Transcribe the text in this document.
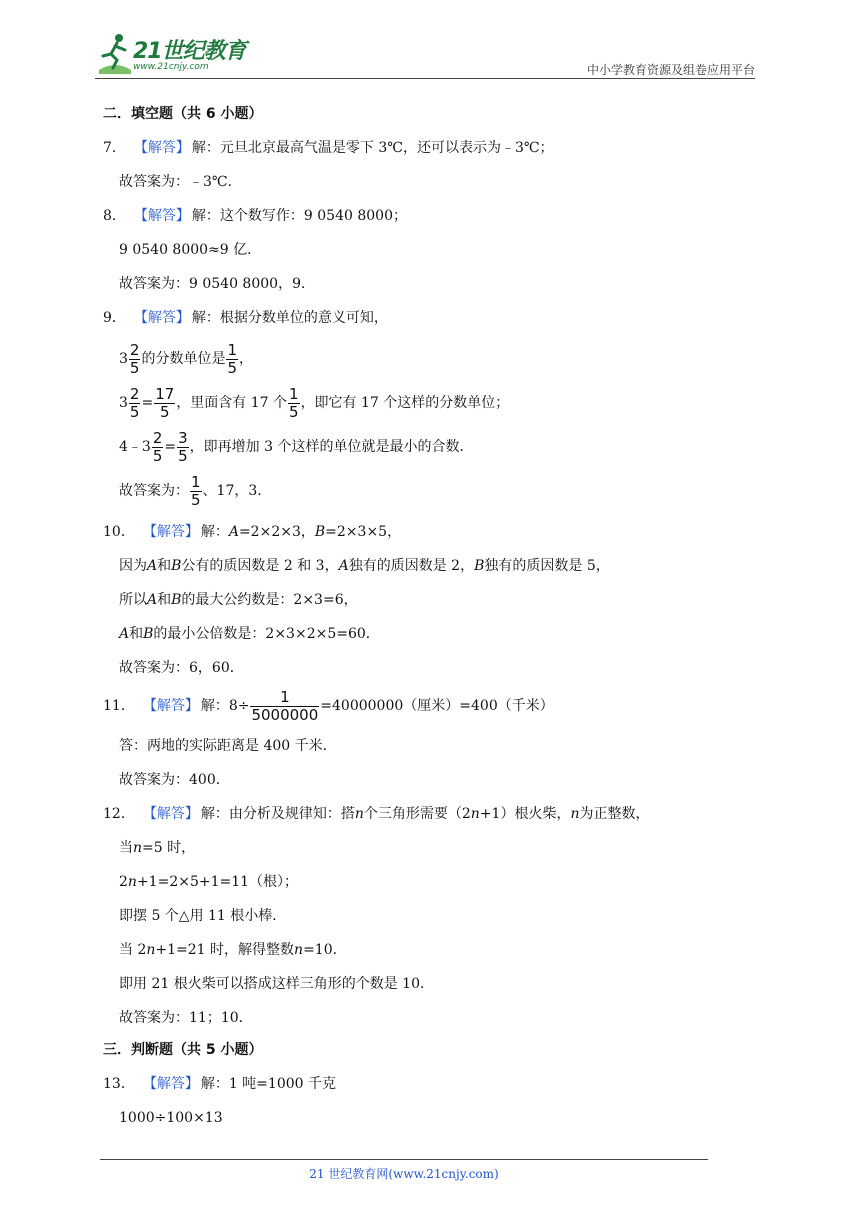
21世纪教育
www.21cnjy.com	中小学教育资源及组卷应用平台
二．填空题（共 6 小题）
7． 【解答】 解：元旦北京最高气温是零下 3℃，还可以表示为﹣3℃；
故答案为：﹣3℃．
8． 【解答】 解：这个数写作：9 0540 8000；
9 0540 8000≈9 亿．
故答案为：9 0540 8000，9．
9． 【解答】 解：根据分数单位的意义可知，
$3 \frac{2}{5}$ 的分数单位是 $\frac{1}{5}$ ，
$3 \frac{2}{5} = \frac{17}{5}$ ，里面含有 17 个 $\frac{1}{5}$ ，即它有 17 个这样的分数单位；
4﹣ $3 \frac{2}{5} = \frac{3}{5}$ ，即再增加 3 个这样的单位就是最小的合数．
故答案为： $\frac{1}{5}$ 、17，3．
10． 【解答】 解： A =2×2×3， B =2×3×5，
因为 A 和 B 公有的质因数是 2 和 3， A 独有的质因数是 2， B 独有的质因数是 5，
所以 A 和 B 的最大公约数是：2×3=6，
A 和 B 的最小公倍数是：2×3×2×5=60．
故答案为：6，60．
11． 【解答】 解：$8\div \frac{1}{5000000} =40000000$（厘米）=400（千米）
答：两地的实际距离是 400 千米．
故答案为：400．
12． 【解答】 解：由分析及规律知：搭 n 个三角形需要（2 n +1）根火柴， n 为正整数，
当 n =5 时，
2 n +1=2×5+1=11（根）；
即摆 5 个△用 11 根小棒．
当 2 n +1=21 时，解得整数 n =10．
即用 21 根火柴可以搭成这样三角形的个数是 10．
故答案为：11；10．
三．判断题（共 5 小题）
13． 【解答】 解：1 吨=1000 千克
1000÷100×13
21 世纪教育网(www.21cnjy.com)
